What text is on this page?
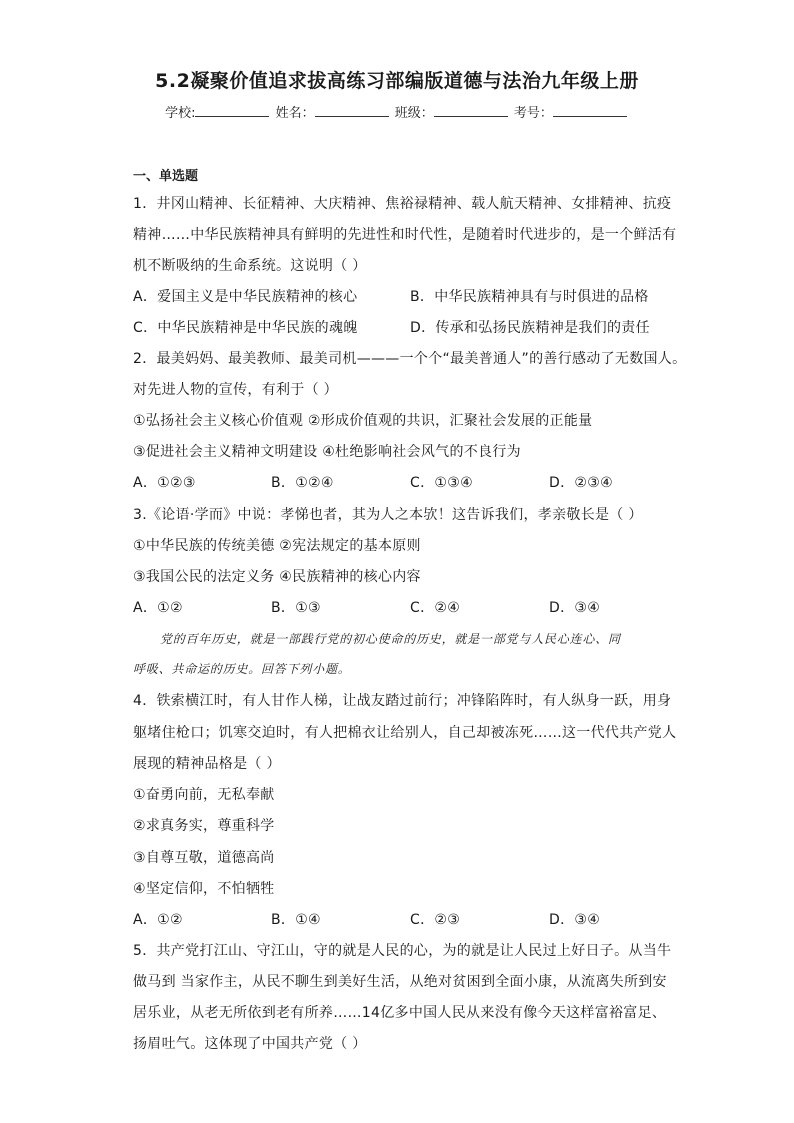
5.2凝聚价值追求拔高练习部编版道德与法治九年级上册
学校:	姓名：	班级：	考号：
一、单选题
1．井冈山精神、长征精神、大庆精神、焦裕禄精神、载人航天精神、女排精神、抗疫
精神……中华民族精神具有鲜明的先进性和时代性，是随着时代进步的，是一个鲜活有
机不断吸纳的生命系统。这说明（ ）
A．爱国主义是中华民族精神的核心	B．中华民族精神具有与时俱进的品格
C．中华民族精神是中华民族的魂魄	D．传承和弘扬民族精神是我们的责任
2．最美妈妈、最美教师、最美司机———一个个“最美普通人”的善行感动了无数国人。
对先进人物的宣传，有利于（ ）
①弘扬社会主义核心价值观 ②形成价值观的共识，汇聚社会发展的正能量
③促进社会主义精神文明建设 ④杜绝影响社会风气的不良行为
A．①②③	B．①②④	C．①③④	D．②③④
3.《论语·学而》中说：孝悌也者，其为人之本欤！这告诉我们，孝亲敬长是（ ）
①中华民族的传统美德 ②宪法规定的基本原则
③我国公民的法定义务 ④民族精神的核心内容
A．①②	B．①③	C．②④	D．③④
党的百年历史，就是一部践行党的初心使命的历史，就是一部党与人民心连心、同
呼吸、共命运的历史。回答下列小题。
4．铁索横江时，有人甘作人梯，让战友踏过前行；冲锋陷阵时，有人纵身一跃，用身
躯堵住枪口；饥寒交迫时，有人把棉衣让给别人，自己却被冻死……这一代代共产党人
展现的精神品格是（ ）
①奋勇向前，无私奉献
②求真务实，尊重科学
③自尊互敬，道德高尚
④坚定信仰，不怕牺牲
A．①②	B．①④	C．②③	D．③④
5．共产党打江山、守江山，守的就是人民的心，为的就是让人民过上好日子。从当牛
做马到 当家作主，从民不聊生到美好生活，从绝对贫困到全面小康，从流离失所到安
居乐业，从老无所依到老有所养……14亿多中国人民从来没有像今天这样富裕富足、
扬眉吐气。这体现了中国共产党（ ）
